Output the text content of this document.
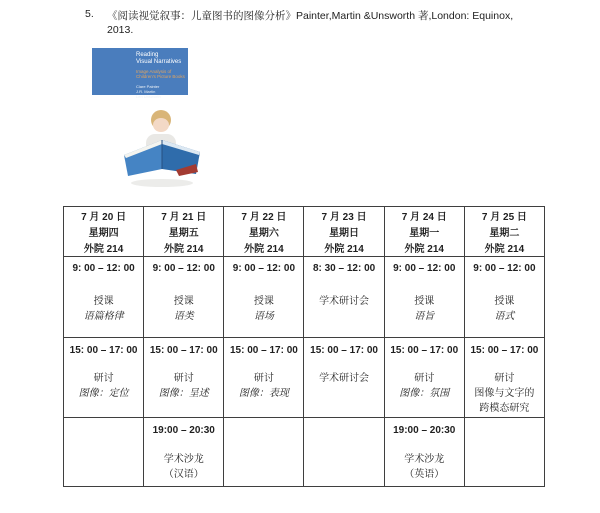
5. 《阅读视觉叙事：儿童图书的图像分析》Painter,Martin &Unsworth 著,London: Equinox,
2013.
Reading
Visual Narratives
Image Analysis of
Children's Picture Books
Clare Painter
J.R. Martin
Len Unsworth
7 月 20 日
星期四
外院 214
7 月 21 日
星期五
外院 214
7 月 22 日
星期六
外院 214
7 月 23 日
星期日
外院 214
7 月 24 日
星期一
外院 214
7 月 25 日
星期二
外院 214
9: 00 – 12: 00
授课
语篇格律
9: 00 – 12: 00
授课
语类
9: 00 – 12: 00
授课
语场
8: 30 – 12: 00
学术研讨会
9: 00 – 12: 00
授课
语旨
9: 00 – 12: 00
授课
语式
15: 00 – 17: 00
研讨
图像：定位
15: 00 – 17: 00
研讨
图像：呈述
15: 00 – 17: 00
研讨
图像：表现
15: 00 – 17: 00
学术研讨会
15: 00 – 17: 00
研讨
图像：氛围
15: 00 – 17: 00
研讨
图像与文字的
跨模态研究
19:00 – 20:30
学术沙龙
（汉语）
19:00 – 20:30
学术沙龙
（英语）
